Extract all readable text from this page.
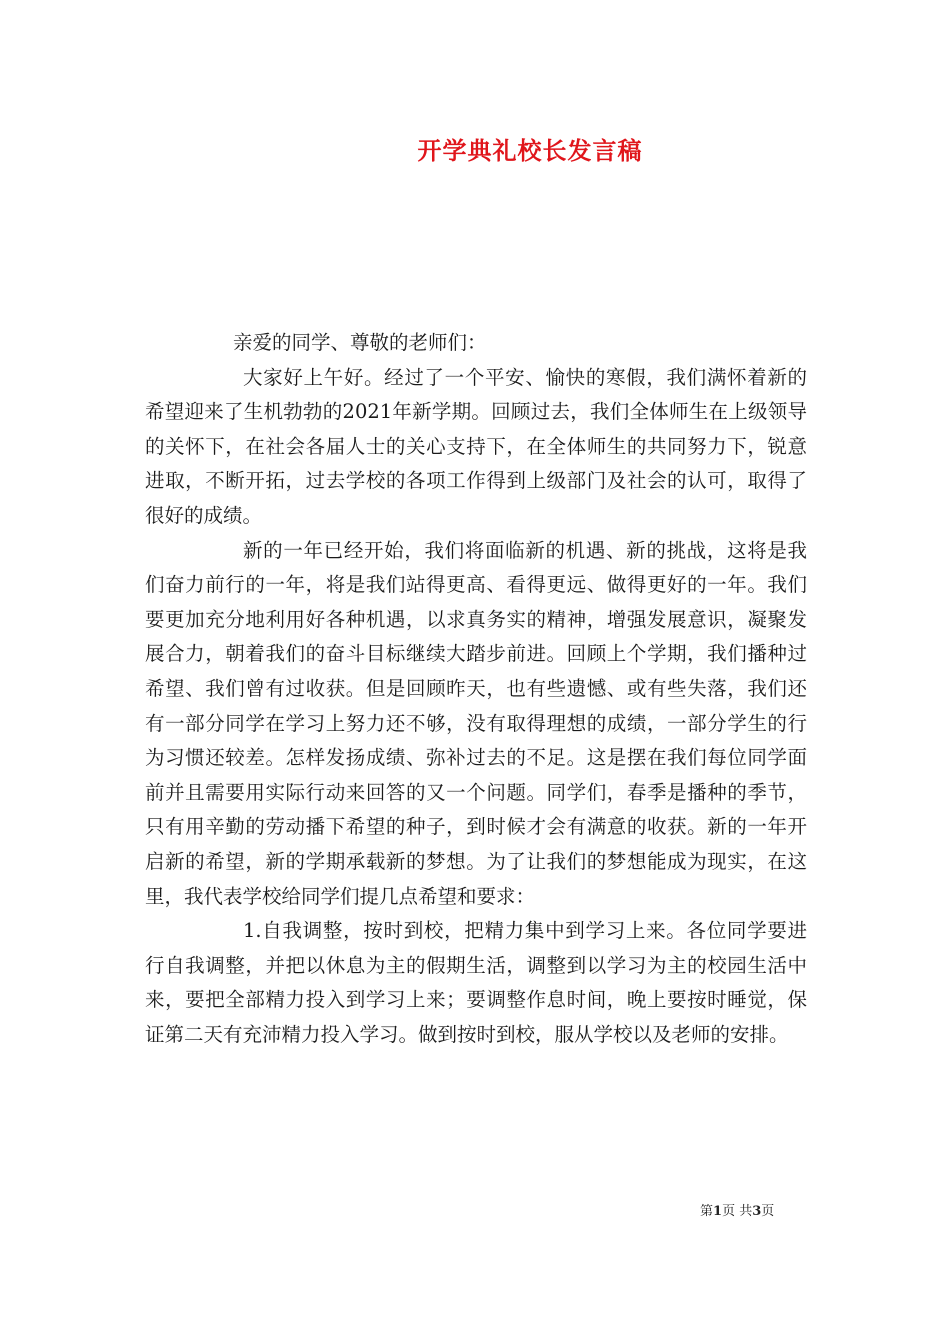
开学典礼校长发言稿

亲爱的同学、尊敬的老师们：

大家好上午好。经过了一个平安、愉快的寒假，我们满怀着新的希望迎来了生机勃勃的2021年新学期。回顾过去，我们全体师生在上级领导的关怀下，在社会各届人士的关心支持下，在全体师生的共同努力下，锐意进取，不断开拓，过去学校的各项工作得到上级部门及社会的认可，取得了很好的成绩。

新的一年已经开始，我们将面临新的机遇、新的挑战，这将是我们奋力前行的一年，将是我们站得更高、看得更远、做得更好的一年。我们要更加充分地利用好各种机遇，以求真务实的精神，增强发展意识，凝聚发展合力，朝着我们的奋斗目标继续大踏步前进。回顾上个学期，我们播种过希望、我们曾有过收获。但是回顾昨天，也有些遗憾、或有些失落，我们还有一部分同学在学习上努力还不够，没有取得理想的成绩，一部分学生的行为习惯还较差。怎样发扬成绩、弥补过去的不足。这是摆在我们每位同学面前并且需要用实际行动来回答的又一个问题。同学们，春季是播种的季节，只有用辛勤的劳动播下希望的种子，到时候才会有满意的收获。新的一年开启新的希望，新的学期承载新的梦想。为了让我们的梦想能成为现实，在这里，我代表学校给同学们提几点希望和要求：

1.自我调整，按时到校，把精力集中到学习上来。各位同学要进行自我调整，并把以休息为主的假期生活，调整到以学习为主的校园生活中来，要把全部精力投入到学习上来；要调整作息时间，晚上要按时睡觉，保证第二天有充沛精力投入学习。做到按时到校，服从学校以及老师的安排。

第1页 共3页
